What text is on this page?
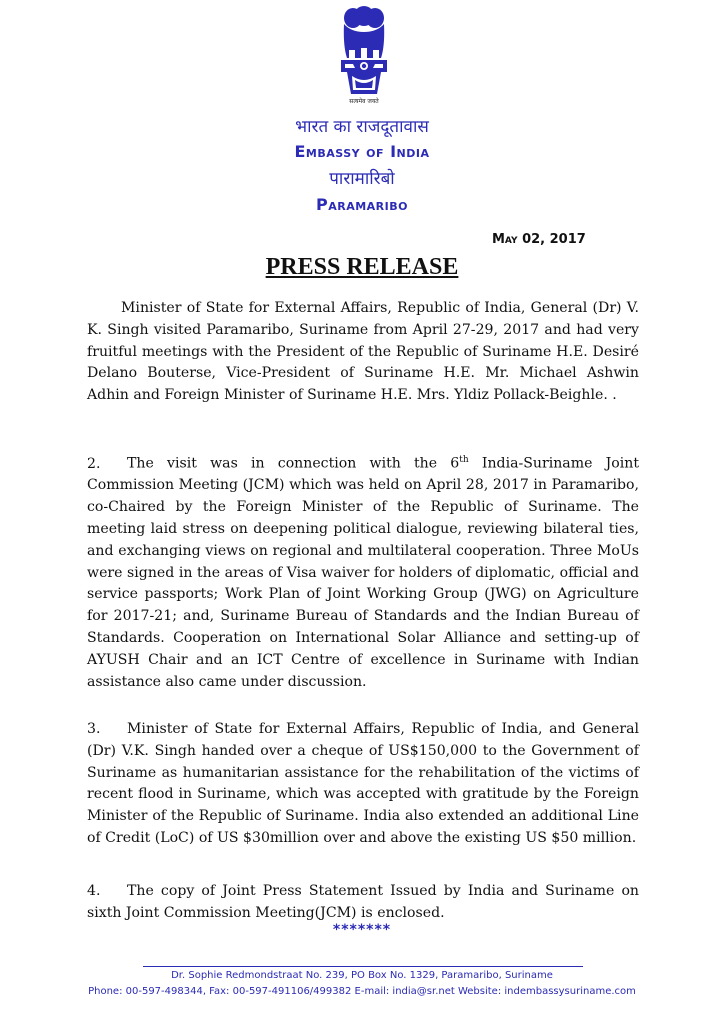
सत्यमेव जयते
भारत का राजदूतावास
Embassy of India
पारामारिबो
Paramaribo
May 02, 2017
PRESS RELEASE
Minister of State for External Affairs, Republic of India, General (Dr) V. K. Singh visited Paramaribo, Suriname from April 27-29, 2017 and had very fruitful meetings with the President of the Republic of Suriname H.E. Desiré Delano Bouterse, Vice-President of Suriname H.E. Mr. Michael Ashwin Adhin and Foreign Minister of Suriname H.E. Mrs. Yldiz Pollack-Beighle. .
2. The visit was in connection with the 6th India-Suriname Joint Commission Meeting (JCM) which was held on April 28, 2017 in Paramaribo, co-Chaired by the Foreign Minister of the Republic of Suriname. The meeting laid stress on deepening political dialogue, reviewing bilateral ties, and exchanging views on regional and multilateral cooperation. Three MoUs were signed in the areas of Visa waiver for holders of diplomatic, official and service passports; Work Plan of Joint Working Group (JWG) on Agriculture for 2017-21; and, Suriname Bureau of Standards and the Indian Bureau of Standards. Cooperation on International Solar Alliance and setting-up of AYUSH Chair and an ICT Centre of excellence in Suriname with Indian assistance also came under discussion.
3. Minister of State for External Affairs, Republic of India, and General (Dr) V.K. Singh handed over a cheque of US$150,000 to the Government of Suriname as humanitarian assistance for the rehabilitation of the victims of recent flood in Suriname, which was accepted with gratitude by the Foreign Minister of the Republic of Suriname. India also extended an additional Line of Credit (LoC) of US $30million over and above the existing US $50 million.
4. The copy of Joint Press Statement Issued by India and Suriname on sixth Joint Commission Meeting(JCM) is enclosed.
*******
Dr. Sophie Redmondstraat No. 239, PO Box No. 1329, Paramaribo, Suriname
Phone: 00-597-498344, Fax: 00-597-491106/499382 E-mail: india@sr.net Website: indembassysuriname.com
